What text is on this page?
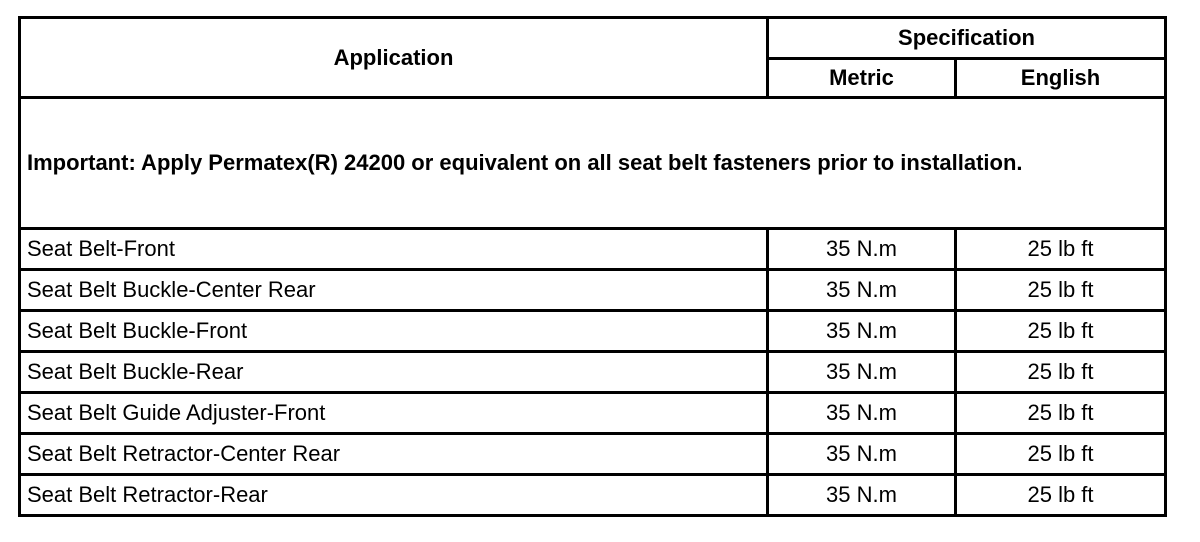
Application	Specification	
	Metric	English
Important: Apply Permatex(R) 24200 or equivalent on all seat belt fasteners prior to installation.		
Seat Belt-Front	35 N.m	25 lb ft
Seat Belt Buckle-Center Rear	35 N.m	25 lb ft
Seat Belt Buckle-Front	35 N.m	25 lb ft
Seat Belt Buckle-Rear	35 N.m	25 lb ft
Seat Belt Guide Adjuster-Front	35 N.m	25 lb ft
Seat Belt Retractor-Center Rear	35 N.m	25 lb ft
Seat Belt Retractor-Rear	35 N.m	25 lb ft
